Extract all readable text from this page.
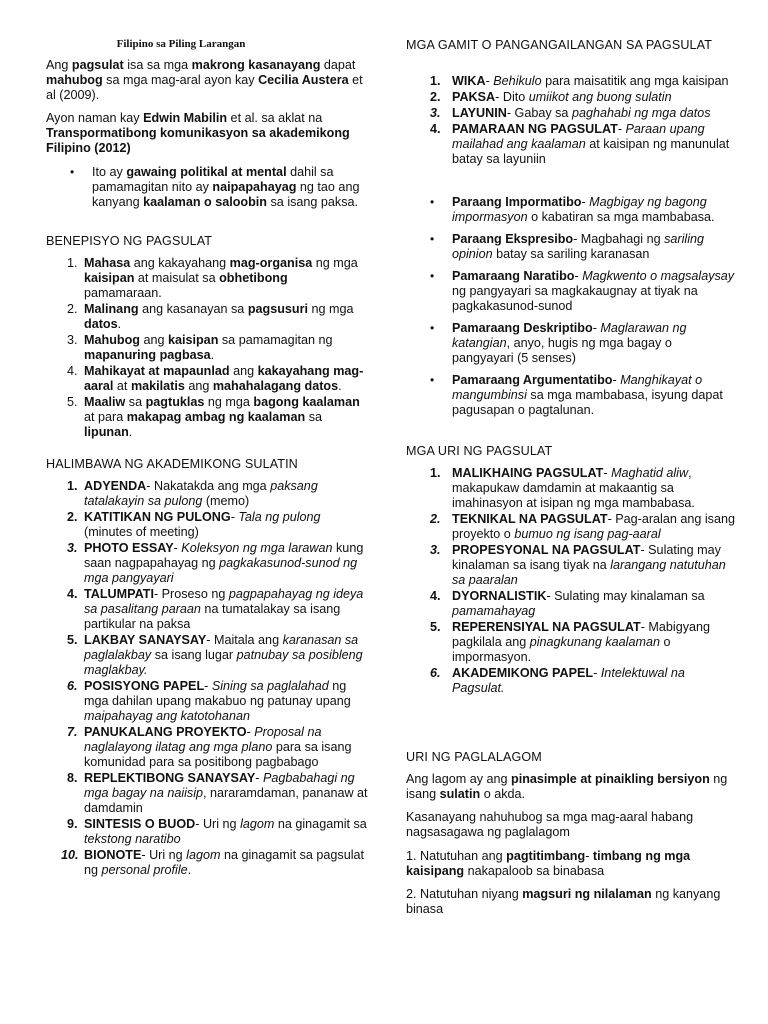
Filipino sa Piling Larangan

Ang pagsulat isa sa mga makrong kasanayang dapat mahubog sa mga mag-aral ayon kay Cecilia Austera et al (2009).

Ayon naman kay Edwin Mabilin et al. sa aklat na Transpormatibong komunikasyon sa akademikong Filipino (2012)

• Ito ay gawaing politikal at mental dahil sa pamamagitan nito ay naipapahayag ng tao ang kanyang kaalaman o saloobin sa isang paksa.
BENEPISYO NG PAGSULAT
1. Mahasa ang kakayahang mag-organisa ng mga kaisipan at maisulat sa obhetibong pamamaraan.
2. Malinang ang kasanayan sa pagsusuri ng mga datos.
3. Mahubog ang kaisipan sa pamamagitan ng mapanuring pagbasa.
4. Mahikayat at mapaunlad ang kakayahang mag-aaral at makilatis ang mahahalagang datos.
5. Maaliw sa pagtuklas ng mga bagong kaalaman at para makapag ambag ng kaalaman sa lipunan.
HALIMBAWA NG AKADEMIKONG SULATIN
1. ADYENDA- Nakatakda ang mga paksang tatalakayin sa pulong (memo)
2. KATITIKAN NG PULONG- Tala ng pulong (minutes of meeting)
3. PHOTO ESSAY- Koleksyon ng mga larawan kung saan nagpapahayag ng pagkakasunod-sunod ng mga pangyayari
4. TALUMPATI- Proseso ng pagpapahayag ng ideya sa pasalitang paraan na tumatalakay sa isang partikular na paksa
5. LAKBAY SANAYSAY- Maitala ang karanasan sa paglalakbay sa isang lugar patnubay sa posibleng maglakbay.
6. POSISYONG PAPEL- Sining sa paglalahad ng mga dahilan upang makabuo ng patunay upang maipahayag ang katotohanan
7. PANUKALANG PROYEKTO- Proposal na naglalayong ilatag ang mga plano para sa isang komunidad para sa positibong pagbabago
8. REPLEKTIBONG SANAYSAY- Pagbabahagi ng mga bagay na naiisip, nararamdaman, pananaw at damdamin
9. SINTESIS O BUOD- Uri ng lagom na ginagamit sa tekstong naratibo
10. BIONOTE- Uri ng lagom na ginagamit sa pagsulat ng personal profile.
MGA GAMIT O PANGANGAILANGAN SA PAGSULAT
1. WIKA- Behikulo para maisatitik ang mga kaisipan
2. PAKSA- Dito umiikot ang buong sulatin
3. LAYUNIN- Gabay sa paghahabi ng mga datos
4. PAMARAAN NG PAGSULAT- Paraan upang mailahad ang kaalaman at kaisipan ng manunulat batay sa layuniin
• Paraang Impormatibo- Magbigay ng bagong impormasyon o kabatiran sa mga mambabasa.
• Paraang Ekspresibo- Magbahagi ng sariling opinion batay sa sariling karanasan
• Pamaraang Naratibo- Magkwento o magsalaysay ng pangyayari sa magkakaugnay at tiyak na pagkakasunod-sunod
• Pamaraang Deskriptibo- Maglarawan ng katangian, anyo, hugis ng mga bagay o pangyayari (5 senses)
• Pamaraang Argumentatibo- Manghikayat o mangumbinsi sa mga mambabasa, isyung dapat pagusapan o pagtalunan.
MGA URI NG PAGSULAT
1. MALIKHAING PAGSULAT- Maghatid aliw, makapukaw damdamin at makaantig sa imahinasyon at isipan ng mga mambabasa.
2. TEKNIKAL NA PAGSULAT- Pag-aralan ang isang proyekto o bumuo ng isang pag-aaral
3. PROPESYONAL NA PAGSULAT- Sulating may kinalaman sa isang tiyak na larangang natutuhan sa paaralan
4. DYORNALISTIK- Sulating may kinalaman sa pamamahayag
5. REPERENSIYAL NA PAGSULAT- Mabigyang pagkilala ang pinagkunang kaalaman o impormasyon.
6. AKADEMIKONG PAPEL- Intelektuwal na Pagsulat.
URI NG PAGLALAGOM

Ang lagom ay ang pinasimple at pinaikling bersiyon ng isang sulatin o akda.

Kasanayang nahuhubog sa mga mag-aaral habang nagsasagawa ng paglalagom

1. Natutuhan ang pagtitimbang- timbang ng mga kaisipang nakapaloob sa binabasa

2. Natutuhan niyang magsuri ng nilalaman ng kanyang binasa
